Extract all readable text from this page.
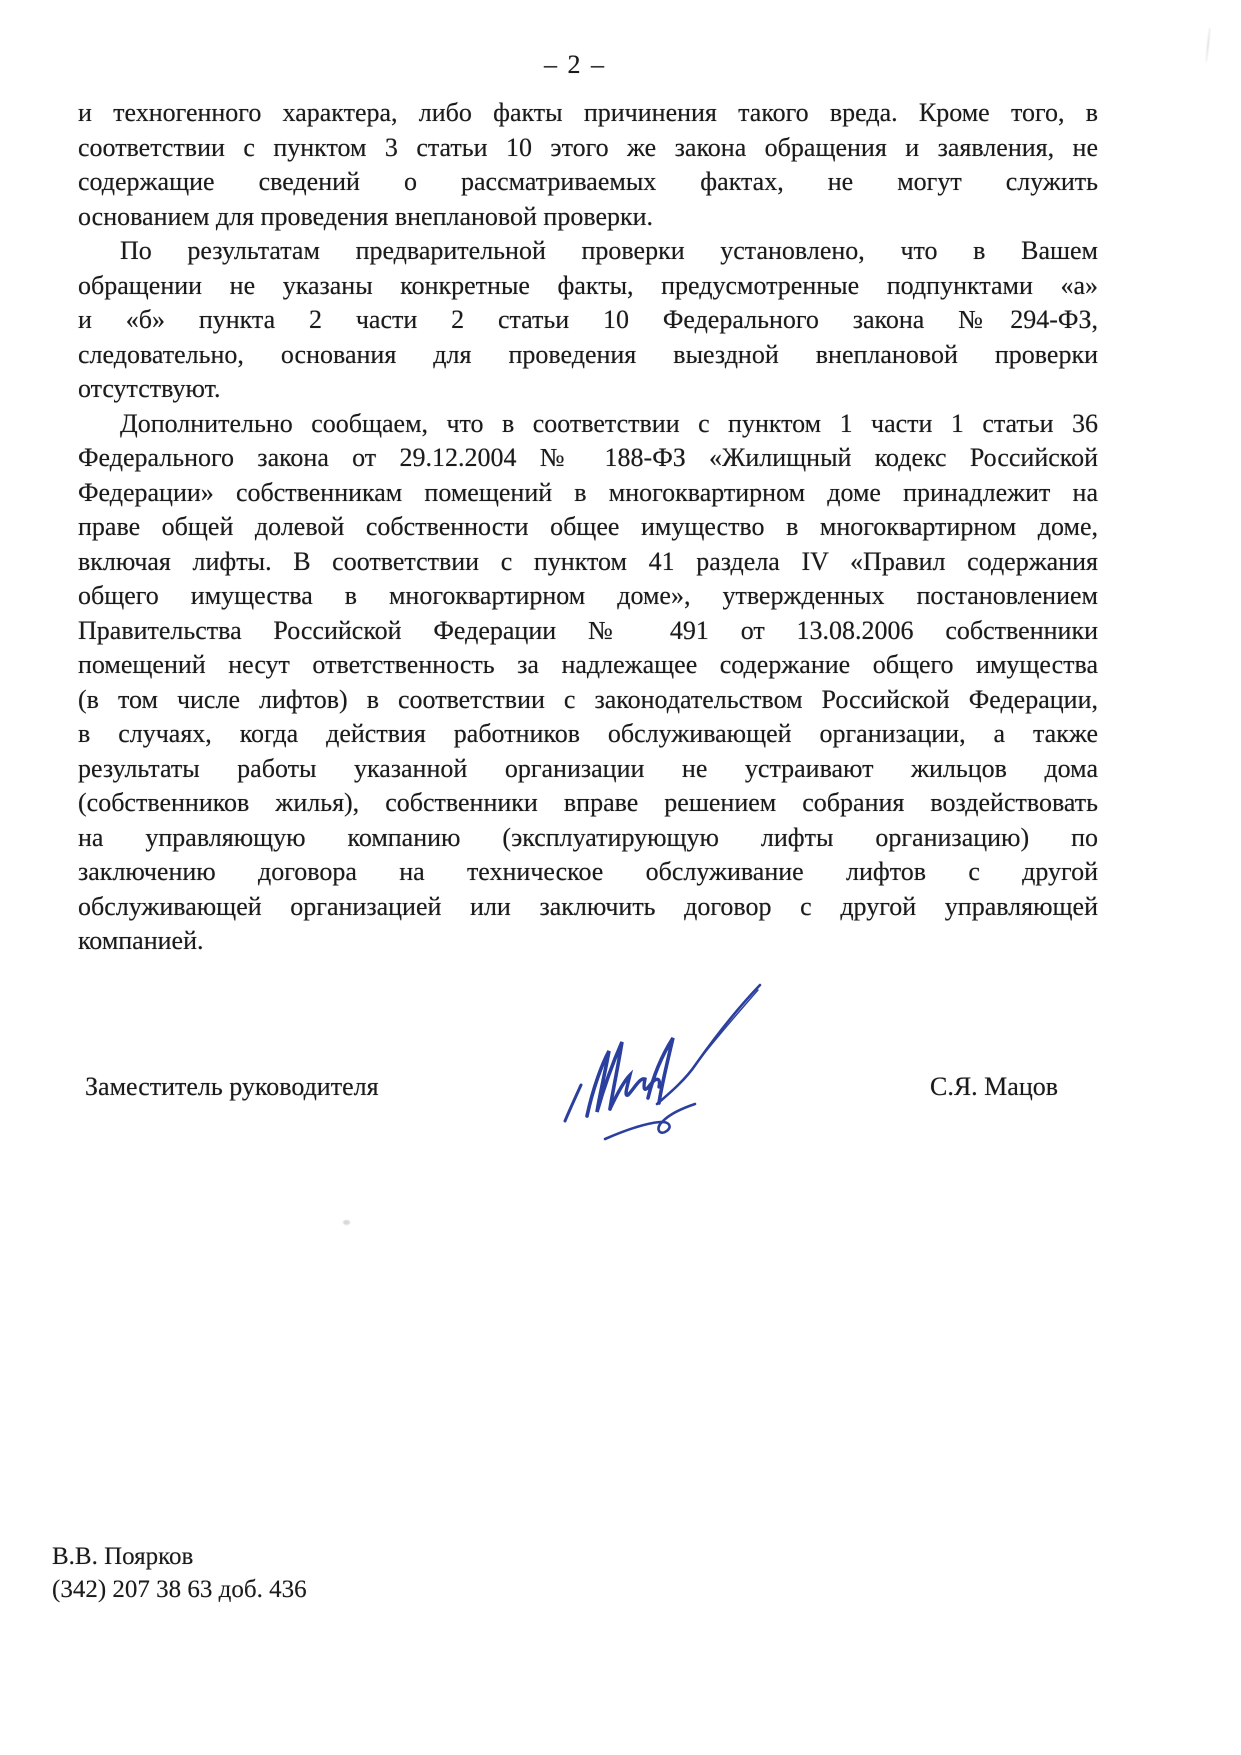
– 2 –
и техногенного характера, либо факты причинения такого вреда. Кроме того, в
соответствии с пунктом 3 статьи 10 этого же закона обращения и заявления, не
содержащие сведений о рассматриваемых фактах, не могут служить
основанием для проведения внеплановой проверки.
По результатам предварительной проверки установлено, что в Вашем
обращении не указаны конкретные факты, предусмотренные подпунктами «а»
и «б» пункта 2 части 2 статьи 10 Федерального закона №294-ФЗ,
следовательно, основания для проведения выездной внеплановой проверки
отсутствуют.
Дополнительно сообщаем, что в соответствии с пунктом 1 части 1 статьи 36
Федерального закона от 29.12.2004 № 188-ФЗ «Жилищный кодекс Российской
Федерации» собственникам помещений в многоквартирном доме принадлежит на
праве общей долевой собственности общее имущество в многоквартирном доме,
включая лифты. В соответствии с пунктом 41 раздела IV «Правил содержания
общего имущества в многоквартирном доме», утвержденных постановлением
Правительства Российской Федерации № 491 от 13.08.2006 собственники
помещений несут ответственность за надлежащее содержание общего имущества
(в том числе лифтов) в соответствии с законодательством Российской Федерации,
в случаях, когда действия работников обслуживающей организации, а также
результаты работы указанной организации не устраивают жильцов дома
(собственников жилья), собственники вправе решением собрания воздействовать
на управляющую компанию (эксплуатирующую лифты организацию) по
заключению договора на техническое обслуживание лифтов с другой
обслуживающей организацией или заключить договор с другой управляющей
компанией.
Заместитель руководителя	С.Я. Мацов
В.В. Поярков
(342) 207 38 63 доб. 436
